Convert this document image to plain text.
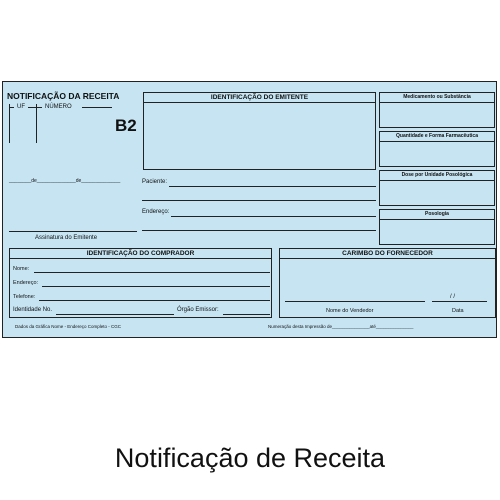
NOTIFICAÇÃO DA RECEITA
UF	NÚMERO
B2
________de______________de______________
Assinatura do Emitente
IDENTIFICAÇÃO DO EMITENTE
Paciente:
Endereço:
Medicamento ou Substância
Quantidade e Forma Farmacêutica
Dose por Unidade Posológica
Posologia
IDENTIFICAÇÃO DO COMPRADOR
Nome:
Endereço:
Telefone:
Identidade No.	Órgão Emissor:
CARIMBO DO FORNECEDOR
Nome do Vendedor
/ /
Data
Dados da Gráfica Nome - Endereço Completo - CGC	Numeração desta Impressão de_______________até_______________
Notificação de Receita
